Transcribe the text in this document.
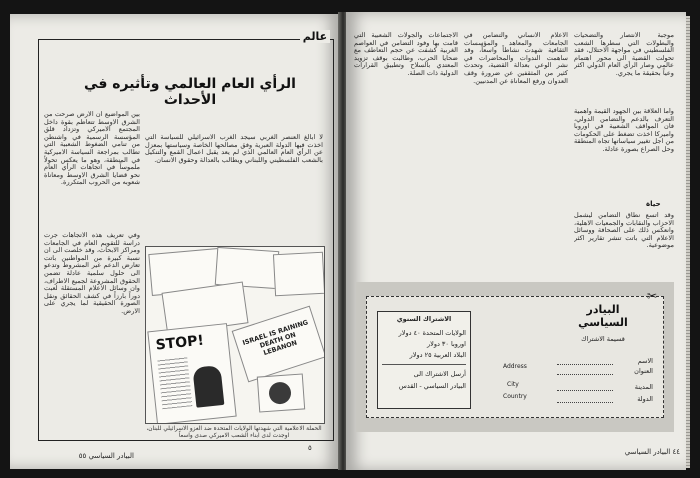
عالم
الرأي العام العالمي وتأثيره في الأحداث
لا ابالغ العنصر الغربي سيجد الغرب الاسرائيلي للسياسة التي اخذت فيها الدولة العبرية وفق مصالحها الخاصة وسياستها بمعزل عن الرأي العام العالمي الذي لم يعد يقبل اعمال القمع والتنكيل بالشعب الفلسطيني واللبناني ويطالب بالعدالة وحقوق الانسان.
بين المواضيع ان الارض صرحت من الشرق الاوسط تتعاظم بقوة داخل المجتمع الاميركي وتزداد قلق المؤسسة الرسمية في واشنطن من تنامي الضغوط الشعبية التي تطالب بمراجعة السياسة الاميركية في المنطقة، وهو ما يعكس تحولاً ملموساً في اتجاهات الرأي العام نحو قضايا الشرق الاوسط ومعاناة شعوبه من الحروب المتكررة.
وفي تعريف هذه الاتجاهات جرت دراسة للتقويم العام في الجامعات ومراكز الابحاث، وقد خلصت الى ان نسبة كبيرة من المواطنين باتت تعارض الدعم غير المشروط وتدعو الى حلول سلمية عادلة تضمن الحقوق المشروعة لجميع الاطراف، وان وسائل الاعلام المستقلة لعبت دوراً بارزاً في كشف الحقائق ونقل الصورة الحقيقية لما يجري على الارض.
STOP!	ISRAEL IS RAINING DEATH ON LEBANON
الحملة الاعلامية التي شهدتها الولايات المتحدة ضد الغزو الاسرائيلي للبنان، اوجدت لدى ابناء الشعب الاميركي صدى واسعاً
٥
البيادر السياسي ٥٥
موجبة الانتصار والتضحيات والبطولات التي سطرها الشعب الفلسطيني في مواجهة الاحتلال، فقد تحولت القضية الى محور اهتمام عالمي وصار الرأي العام الدولي اكثر وعياً بحقيقة ما يجري.
وأما العلاقة بين الجهود القيمة وأهمية التعرف بالدعم والتضامن الدولي، فان المواقف الشعبية في اوروبا واميركا اخذت تضغط على الحكومات من اجل تغيير سياساتها تجاه المنطقة وحل الصراع بصورة عادلة.
حياة
وقد اتسع نطاق التضامن ليشمل الاحزاب والنقابات والجمعيات الاهلية، وانعكس ذلك على الصحافة ووسائل الاعلام التي باتت تنشر تقارير اكثر موضوعية.
الاعلام الانساني والتضامن في الجامعات والمعاهد والمؤسسات الثقافية شهدت نشاطاً واسعاً، وقد ساهمت الندوات والمحاضرات في نشر الوعي بعدالة القضية، وتحدث كثير من المثقفين عن ضرورة وقف العدوان ورفع المعاناة عن المدنيين.
الاجتماعات والجولات الشعبية التي قامت بها وفود التضامن في العواصم الغربية كشفت عن حجم التعاطف مع ضحايا الحرب، وطالبت بوقف تزويد المعتدي بالسلاح وتطبيق القرارات الدولية ذات الصلة.
✂
البيادر
السياسي
قسيمة الاشتراك
الاسم
العنوان
المدينة
الدولة
Address
City
Country
الاشتراك السنوي
الولايات المتحدة ٤٠ دولار
اوروبا ٣٠ دولار
البلاد العربية ٢٥ دولار
أرسل الاشتراك الى
البيادر السياسي - القدس
٤٤ البيادر السياسي
